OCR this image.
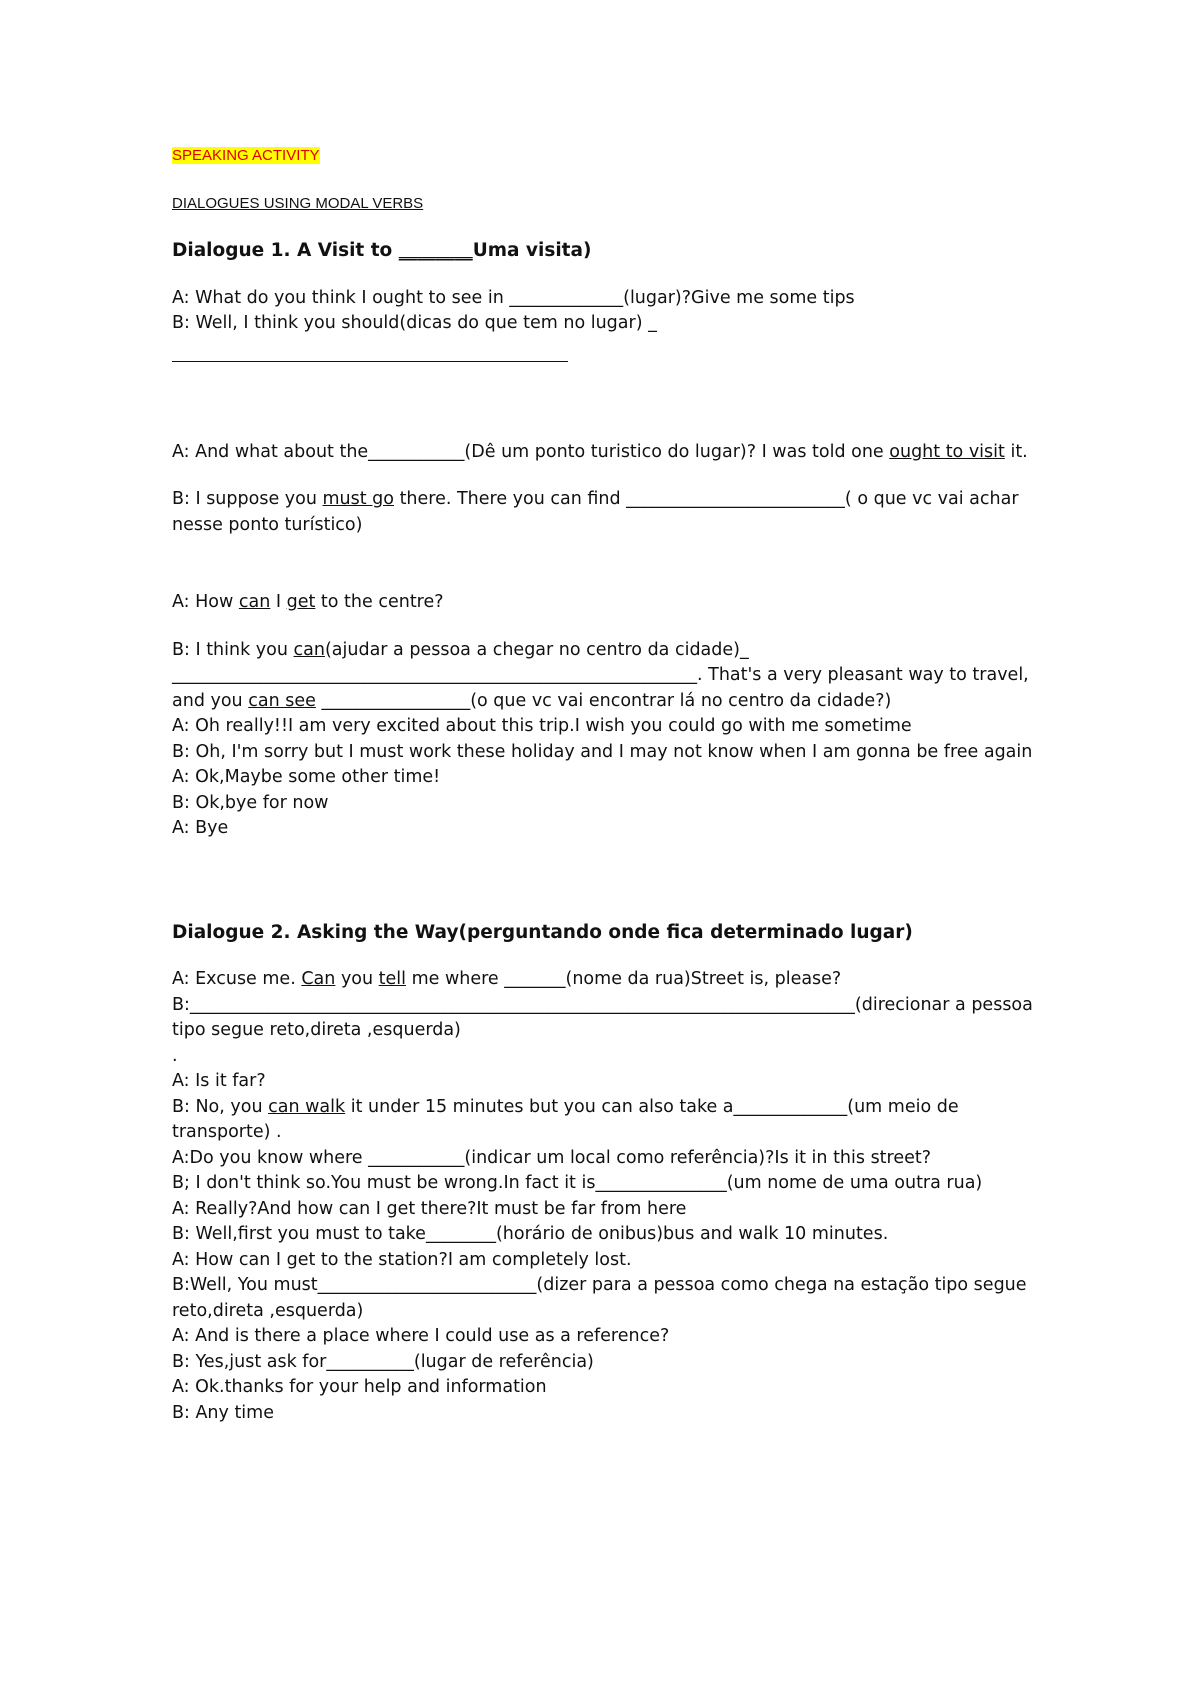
SPEAKING ACTIVITY

DIALOGUES USING MODAL VERBS

Dialogue 1. A Visit to ________Uma visita)

A: What do you think I ought to see in _____________(lugar)?Give me some tips

B: Well, I think you should(dicas do que tem no lugar) _

A: And what about the___________(Dê um ponto turistico do lugar)? I was told one ought to visit it.

B: I suppose you must go there. There you can find _________________________( o que vc vai achar nesse ponto turístico)

A: How can I get to the centre?

B: I think you can(ajudar a pessoa a chegar no centro da cidade)_ ____________________________________________________________. That's a very pleasant way to travel, and you can see _________________(o que vc vai encontrar lá no centro da cidade?)

A: Oh really!!I am very excited about this trip.I wish you could go with me sometime

B: Oh, I'm sorry but I must work these holiday and I may not know when I am gonna be free again

A: Ok,Maybe some other time!

B: Ok,bye for now

A: Bye

Dialogue 2. Asking the Way(perguntando onde fica determinado lugar)

A: Excuse me. Can you tell me where _______(nome da rua)Street is, please?

B:____________________________________________________________________________(direcionar a pessoa tipo segue reto,direta ,esquerda)

.

A: Is it far?

B: No, you can walk it under 15 minutes but you can also take a_____________(um meio de transporte) .

A:Do you know where ___________(indicar um local como referência)?Is it in this street?

B; I don't think so.You must be wrong.In fact it is_______________(um nome de uma outra rua)

A: Really?And how can I get there?It must be far from here

B: Well,first you must to take________(horário de onibus)bus and walk 10 minutes.

A: How can I get to the station?I am completely lost.

B:Well, You must_________________________(dizer para a pessoa como chega na estação tipo segue reto,direta ,esquerda)

A: And is there a place where I could use as a reference?

B: Yes,just ask for__________(lugar de referência)

A: Ok.thanks for your help and information

B: Any time
